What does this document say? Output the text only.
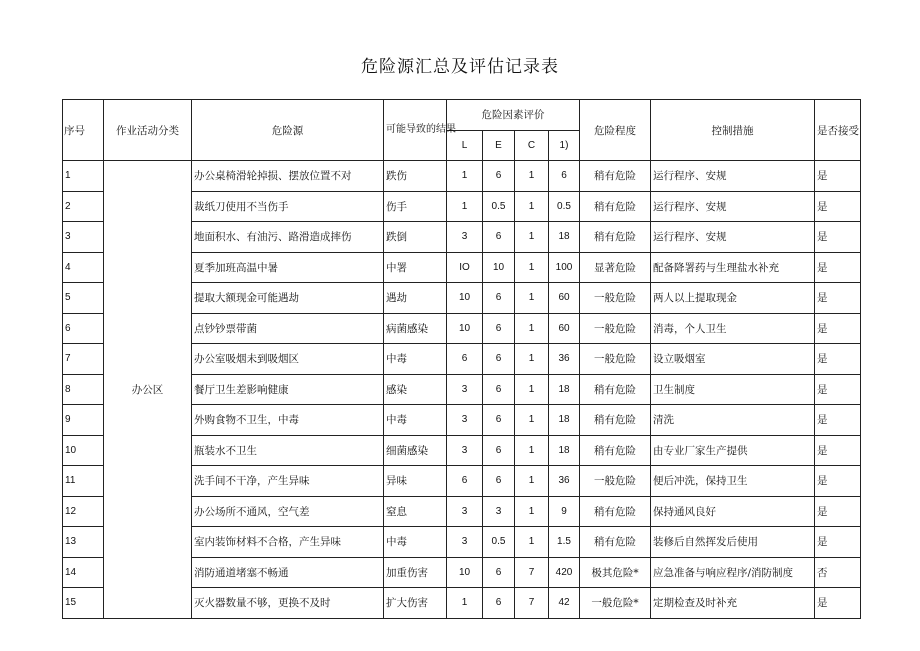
危险源汇总及评估记录表
序号	作业活动分类	危险源	可能导致的结果	危险因素评价				危险程度	控制措施	是否接受
				L	E	C	1)			
1	办公区	办公桌椅滑轮掉损、摆放位置不对	跌伤	1	6	1	6	稍有危险	运行程序、安规	是
2		裁纸刀使用不当伤手	伤手	1	0.5	1	0.5	稍有危险	运行程序、安规	是
3		地面积水、有油污、路滑造成摔伤	跌倒	3	6	1	18	稍有危险	运行程序、安规	是
4		夏季加班高温中暑	中署	IO	10	1	100	显著危险	配备降署药与生理盐水补充	是
5		提取大额现金可能遇劫	遇劫	10	6	1	60	一般危险	两人以上提取现金	是
6		点钞钞票带菌	病菌感染	10	6	1	60	一般危险	消毒，个人卫生	是
7		办公室吸烟未到吸烟区	中毒	6	6	1	36	一般危险	设立吸烟室	是
8		餐厅卫生差影响健康	感染	3	6	1	18	稍有危险	卫生制度	是
9		外购食物不卫生，中毒	中毒	3	6	1	18	稍有危险	清洗	是
10		瓶装水不卫生	细菌感染	3	6	1	18	稍有危险	由专业厂家生产提供	是
11		洗手间不干净，产生异味	异味	6	6	1	36	一般危险	便后冲洗，保持卫生	是
12		办公场所不通风，空气差	窒息	3	3	1	9	稍有危险	保持通风良好	是
13		室内装饰材料不合格，产生异味	中毒	3	0.5	1	1.5	稍有危险	装修后自然挥发后使用	是
14		消防通道堵塞不畅通	加重伤害	10	6	7	420	极其危险*	应急准备与响应程序/消防制度	否
15		灭火器数量不够，更换不及时	扩大伤害	1	6	7	42	一般危险*	定期检查及时补充	是
